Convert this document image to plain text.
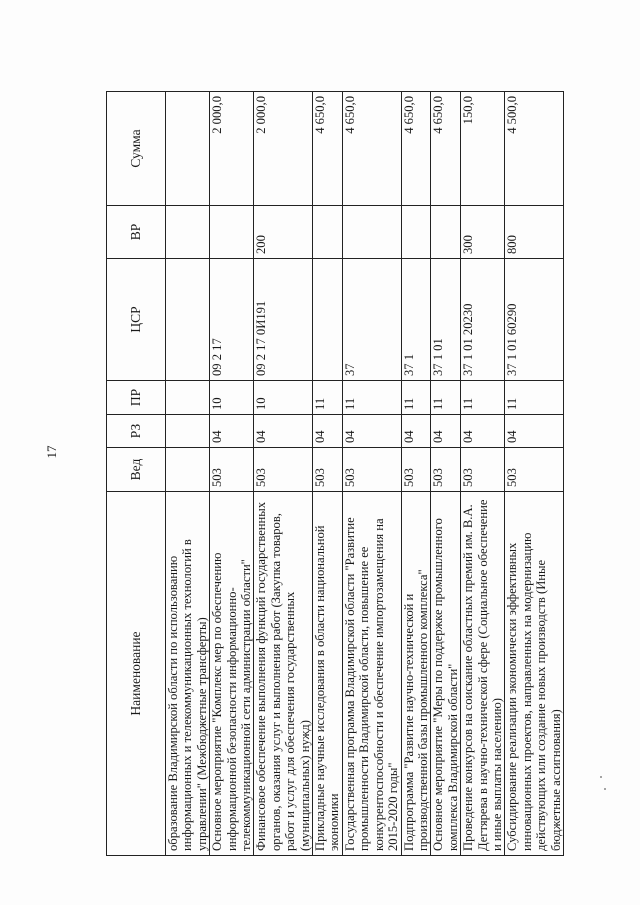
17
Наименование	Вед	РЗ	ПР	ЦСР	ВР	Сумма
образование Владимирской области по использованию информационных и телекоммуникационных технологий в управлении" (Межбюджетные трансферты)						
Основное мероприятие "Комплекс мер по обеспечению информационной безопасности информационно-телекоммуникационной сети администрации области"	503	04	10	09 2 17		2 000,0
Финансовое обеспечение выполнения функций государственных органов, оказания услуг и выполнения работ (Закупка товаров, работ и услуг для обеспечения государственных (муниципальных) нужд)	503	04	10	09 2 17 0И191	200	2 000,0
Прикладные научные исследования в области национальной экономики	503	04	11			4 650,0
Государственная программа Владимирской области "Развитие промышленности Владимирской области, повышение ее конкурентоспособности и обеспечение импортозамещения на 2015-2020 годы"	503	04	11	37		4 650,0
Подпрограмма "Развитие научно-технической и производственной базы промышленного комплекса"	503	04	11	37 1		4 650,0
Основное мероприятие "Меры по поддержке промышленного комплекса Владимирской области"	503	04	11	37 1 01		4 650,0
Проведение конкурсов на соискание областных премий им. В.А. Дегтярева в научно-технической сфере (Социальное обеспечение и иные выплаты населению)	503	04	11	37 1 01 20230	300	150,0
Субсидирование реализации экономически эффективных инновационных проектов, направленных на модернизацию действующих или создание новых производств (Иные бюджетные ассигнования)	503	04	11	37 1 01 60290	800	4 500,0
